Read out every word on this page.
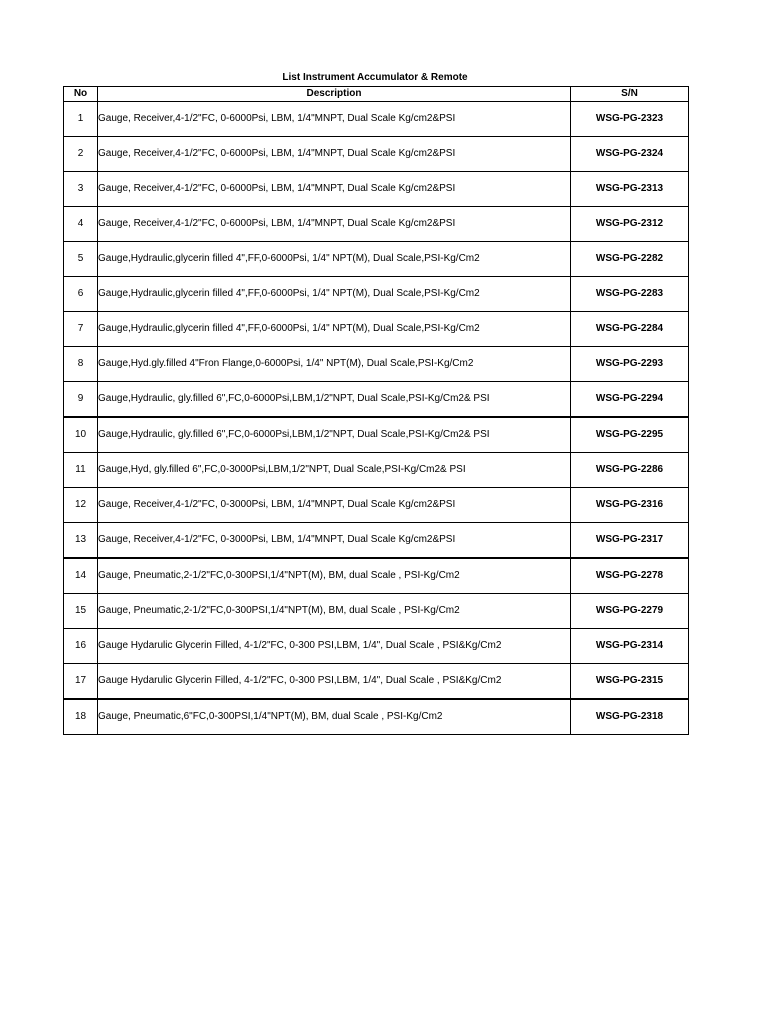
List Instrument Accumulator & Remote
No	Description	S/N
1	Gauge, Receiver,4-1/2"FC, 0-6000Psi, LBM, 1/4"MNPT, Dual Scale Kg/cm2&PSI	WSG-PG-2323
2	Gauge, Receiver,4-1/2"FC, 0-6000Psi, LBM, 1/4"MNPT, Dual Scale Kg/cm2&PSI	WSG-PG-2324
3	Gauge, Receiver,4-1/2"FC, 0-6000Psi, LBM, 1/4"MNPT, Dual Scale Kg/cm2&PSI	WSG-PG-2313
4	Gauge, Receiver,4-1/2"FC, 0-6000Psi, LBM, 1/4"MNPT, Dual Scale Kg/cm2&PSI	WSG-PG-2312
5	Gauge,Hydraulic,glycerin filled 4",FF,0-6000Psi, 1/4" NPT(M), Dual Scale,PSI-Kg/Cm2	WSG-PG-2282
6	Gauge,Hydraulic,glycerin filled 4",FF,0-6000Psi, 1/4" NPT(M), Dual Scale,PSI-Kg/Cm2	WSG-PG-2283
7	Gauge,Hydraulic,glycerin filled 4",FF,0-6000Psi, 1/4" NPT(M), Dual Scale,PSI-Kg/Cm2	WSG-PG-2284
8	Gauge,Hyd.gly.filled 4"Fron Flange,0-6000Psi, 1/4" NPT(M), Dual Scale,PSI-Kg/Cm2	WSG-PG-2293
9	Gauge,Hydraulic, gly.filled 6",FC,0-6000Psi,LBM,1/2"NPT, Dual Scale,PSI-Kg/Cm2& PSI	WSG-PG-2294
10	Gauge,Hydraulic, gly.filled 6",FC,0-6000Psi,LBM,1/2"NPT, Dual Scale,PSI-Kg/Cm2& PSI	WSG-PG-2295
11	Gauge,Hyd, gly.filled 6",FC,0-3000Psi,LBM,1/2"NPT, Dual Scale,PSI-Kg/Cm2& PSI	WSG-PG-2286
12	Gauge, Receiver,4-1/2"FC, 0-3000Psi, LBM, 1/4"MNPT, Dual Scale Kg/cm2&PSI	WSG-PG-2316
13	Gauge, Receiver,4-1/2"FC, 0-3000Psi, LBM, 1/4"MNPT, Dual Scale Kg/cm2&PSI	WSG-PG-2317
14	Gauge, Pneumatic,2-1/2"FC,0-300PSI,1/4"NPT(M), BM, dual Scale , PSI-Kg/Cm2	WSG-PG-2278
15	Gauge, Pneumatic,2-1/2"FC,0-300PSI,1/4"NPT(M), BM, dual Scale , PSI-Kg/Cm2	WSG-PG-2279
16	Gauge Hydarulic Glycerin Filled, 4-1/2"FC, 0-300 PSI,LBM, 1/4", Dual Scale , PSI&Kg/Cm2	WSG-PG-2314
17	Gauge Hydarulic Glycerin Filled, 4-1/2"FC, 0-300 PSI,LBM, 1/4", Dual Scale , PSI&Kg/Cm2	WSG-PG-2315
18	Gauge, Pneumatic,6"FC,0-300PSI,1/4"NPT(M), BM, dual Scale , PSI-Kg/Cm2	WSG-PG-2318
